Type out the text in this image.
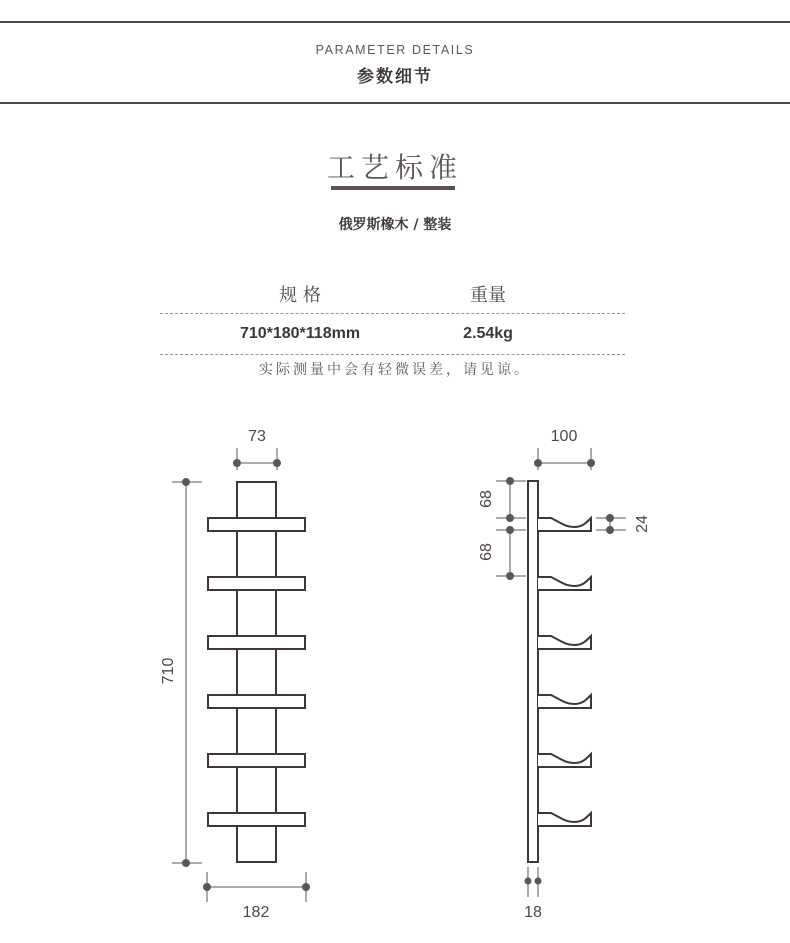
PARAMETER DETAILS
参数细节
工艺标准
俄罗斯橡木 / 整装
规 格	重量
710*180*118mm	2.54kg
实际测量中会有轻微误差，请见谅。
73
710
182
100
68
68
24
18
